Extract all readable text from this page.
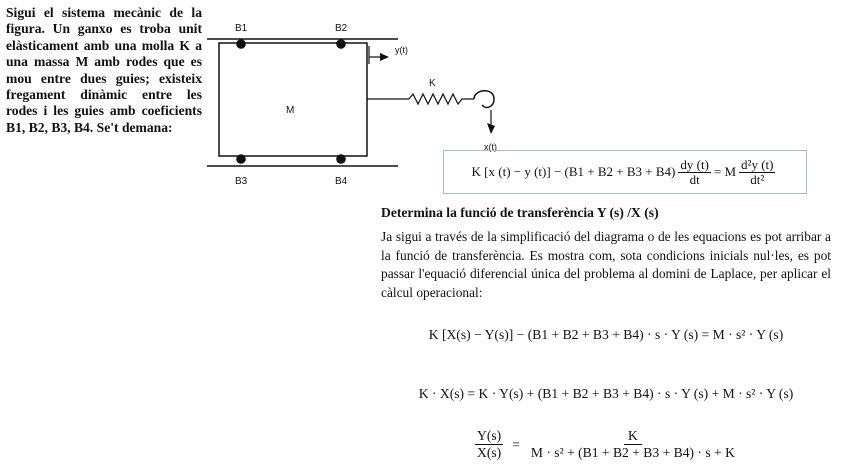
Sigui el sistema mecànic de la figura. Un ganxo es troba unit elàsticament amb una molla K a una massa M amb rodes que es mou entre dues guies; existeix fregament dinàmic entre les rodes i les guies amb coeficients B1, B2, B3, B4. Se't demana:
B1	B2
B3	B4
M
y(t)
K
x(t)
K [x (t) − y $(t)] - (B1 + B2 + B3 + B4) \frac{dy (t)}{dt} = M \frac{\text{d²y (t)}}{\text{dt²}}$
Determina la funció de transferència Y (s) /X (s)
Ja sigui a través de la simplificació del diagrama o de les equacions es pot arribar a la funció de transferència. Es mostra com, sota condicions inicials nul·les, es pot passar l'equació diferencial única del problema al domini de Laplace, per aplicar el càlcul operacional:
K [X(s) − Y(s)] − (B1 + B2 + B3 + B4) · s · Y (s) = M · s² · Y (s)
K · X(s) = K · Y(s) + (B1 + B2 + B3 + B4) · s · Y (s) + M · s² · Y (s)
$\frac{Y(s)}{X(s)} = \frac{K}{\text{M · s² + (B1 + B2 + B3 + B4) · s + K}}$
